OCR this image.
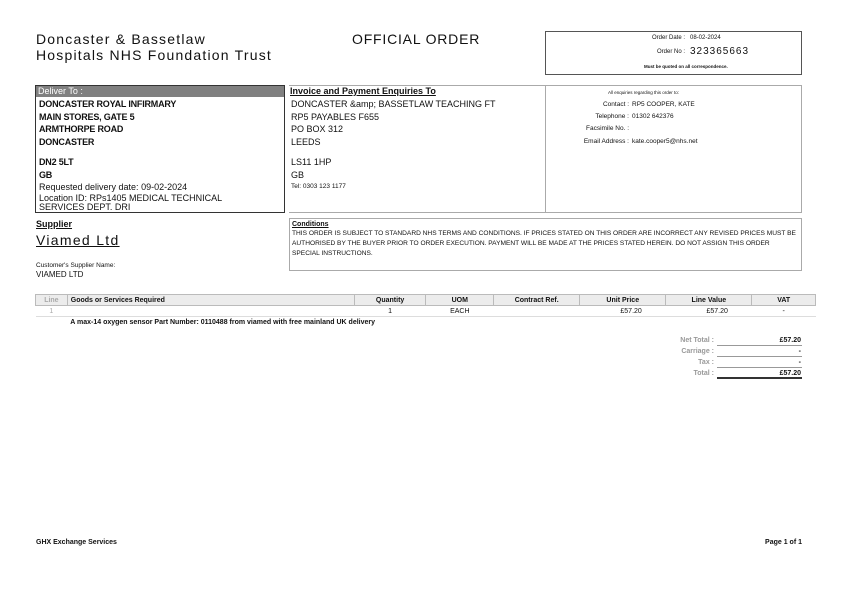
Doncaster & Bassetlaw
Hospitals NHS Foundation Trust
OFFICIAL ORDER	Order Date : 08-02-2024
Order No : 323365663
Must be quoted on all correspondence.
Deliver To :
DONCASTER ROYAL INFIRMARY
MAIN STORES, GATE 5
ARMTHORPE ROAD
DONCASTER
DN2 5LT
GB
Requested delivery date: 09-02-2024
Location ID: RPs1405 MEDICAL TECHNICAL
SERVICES DEPT. DRI
Invoice and Payment Enquiries To
DONCASTER &amp; BASSETLAW TEACHING FT
RP5 PAYABLES F655
PO BOX 312
LEEDS
LS11 1HP
GB
Tel: 0303 123 1177
All enquiries regarding this order to:
Contact : RP5 COOPER, KATE
Telephone : 01302 642376
Facsimile No. :
Email Address : kate.cooper5@nhs.net
Supplier
Viamed Ltd
Customer's Supplier Name:
VIAMED LTD
Conditions
THIS ORDER IS SUBJECT TO STANDARD NHS TERMS AND CONDITIONS. IF PRICES STATED ON THIS ORDER ARE INCORRECT ANY REVISED PRICES MUST BE AUTHORISED BY THE BUYER PRIOR TO ORDER EXECUTION. PAYMENT WILL BE MADE AT THE PRICES STATED HEREIN. DO NOT ASSIGN THIS ORDER SPECIAL INSTRUCTIONS.
Line	Goods or Services Required	Quantity	UOM	Contract Ref.	Unit Price	Line Value	VAT
1		1	EACH		£57.20	£57.20	-
	A max-14 oxygen sensor Part Number: 0110488 from viamed with free mainland UK delivery						
Net Total :	£57.20
Carriage :	-
Tax :	-
Total :	£57.20
GHX Exchange Services	Page 1 of 1
